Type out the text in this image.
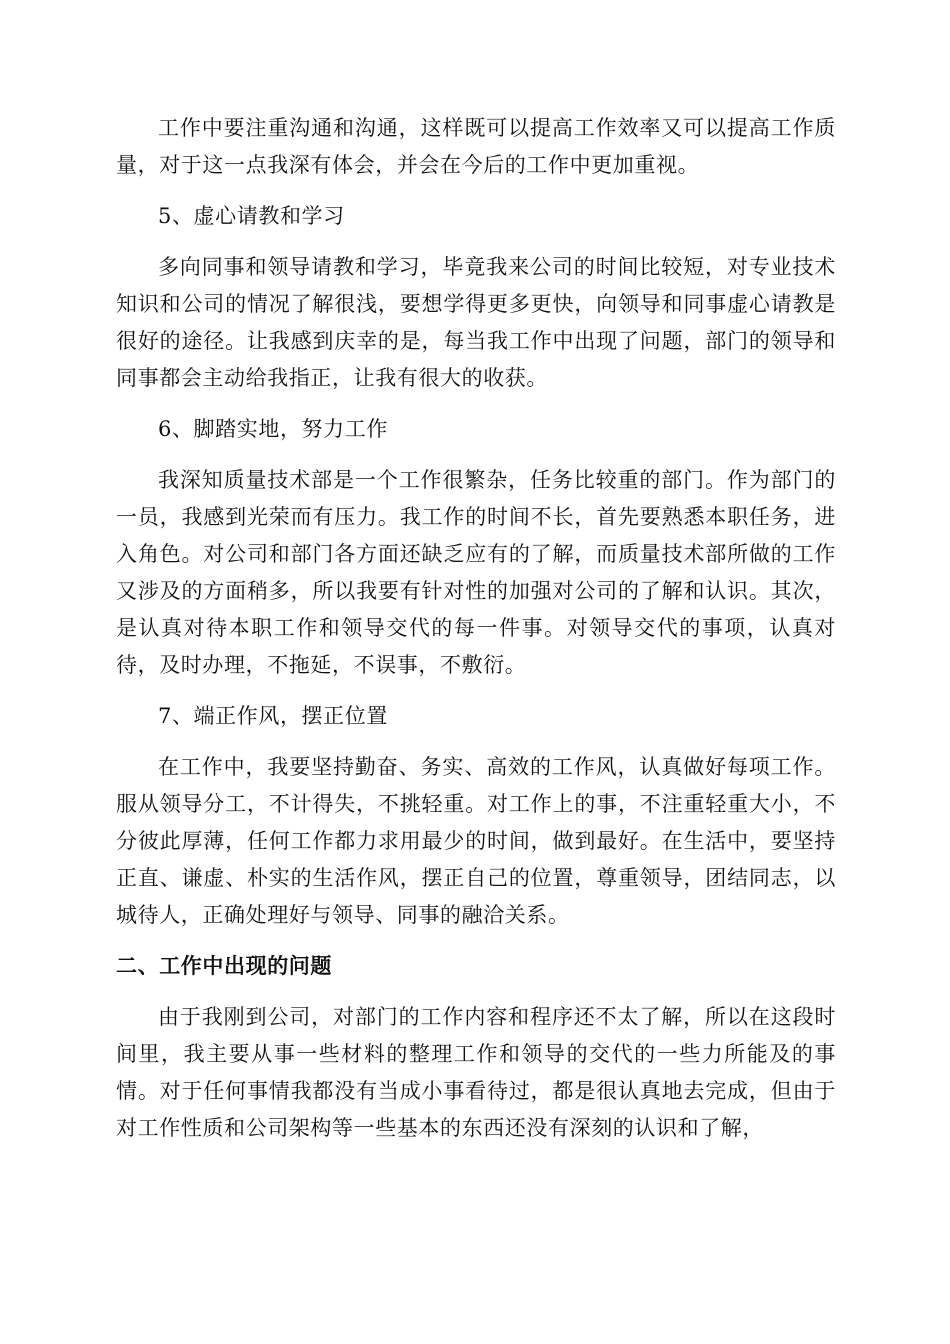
工作中要注重沟通和沟通，这样既可以提高工作效率又可以提高工作质量，对于这一点我深有体会，并会在今后的工作中更加重视。

5、虚心请教和学习

多向同事和领导请教和学习，毕竟我来公司的时间比较短，对专业技术知识和公司的情况了解很浅，要想学得更多更快，向领导和同事虚心请教是很好的途径。让我感到庆幸的是，每当我工作中出现了问题，部门的领导和同事都会主动给我指正，让我有很大的收获。

6、脚踏实地，努力工作

我深知质量技术部是一个工作很繁杂，任务比较重的部门。作为部门的一员，我感到光荣而有压力。我工作的时间不长，首先要熟悉本职任务，进入角色。对公司和部门各方面还缺乏应有的了解，而质量技术部所做的工作又涉及的方面稍多，所以我要有针对性的加强对公司的了解和认识。其次，是认真对待本职工作和领导交代的每一件事。对领导交代的事项，认真对待，及时办理，不拖延，不误事，不敷衍。

7、端正作风，摆正位置

在工作中，我要坚持勤奋、务实、高效的工作风，认真做好每项工作。服从领导分工，不计得失，不挑轻重。对工作上的事，不注重轻重大小，不分彼此厚薄，任何工作都力求用最少的时间，做到最好。在生活中，要坚持正直、谦虚、朴实的生活作风，摆正自己的位置，尊重领导，团结同志，以城待人，正确处理好与领导、同事的融洽关系。

二、工作中出现的问题

由于我刚到公司，对部门的工作内容和程序还不太了解，所以在这段时间里，我主要从事一些材料的整理工作和领导的交代的一些力所能及的事情。对于任何事情我都没有当成小事看待过，都是很认真地去完成，但由于对工作性质和公司架构等一些基本的东西还没有深刻的认识和了解，
